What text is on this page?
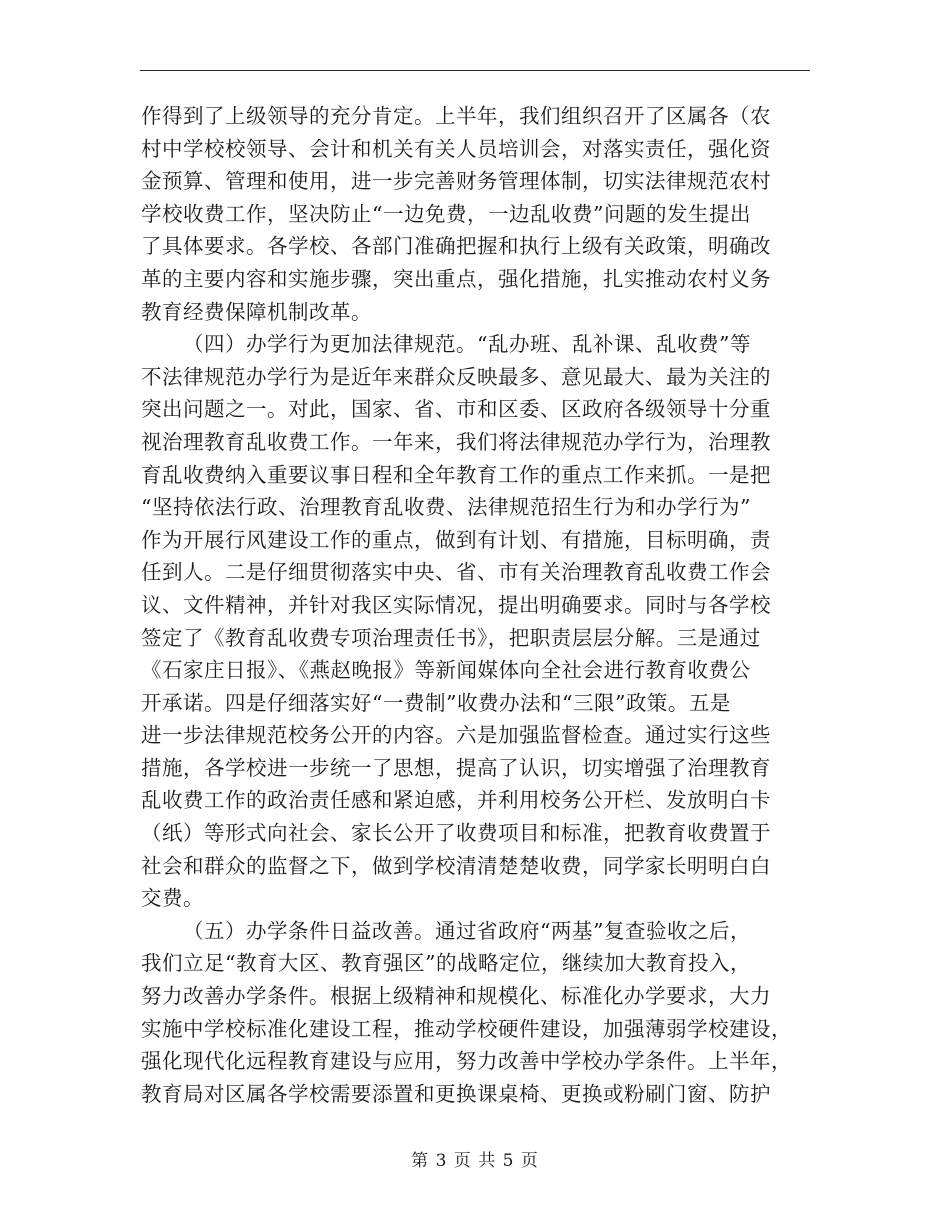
作得到了上级领导的充分肯定。上半年，我们组织召开了区属各（农
村中学校校领导、会计和机关有关人员培训会，对落实责任，强化资
金预算、管理和使用，进一步完善财务管理体制，切实法律规范农村
学校收费工作，坚决防止“一边免费，一边乱收费”问题的发生提出
了具体要求。各学校、各部门准确把握和执行上级有关政策，明确改
革的主要内容和实施步骤，突出重点，强化措施，扎实推动农村义务
教育经费保障机制改革。
（四）办学行为更加法律规范。“乱办班、乱补课、乱收费”等
不法律规范办学行为是近年来群众反映最多、意见最大、最为关注的
突出问题之一。对此，国家、省、市和区委、区政府各级领导十分重
视治理教育乱收费工作。一年来，我们将法律规范办学行为，治理教
育乱收费纳入重要议事日程和全年教育工作的重点工作来抓。一是把
“坚持依法行政、治理教育乱收费、法律规范招生行为和办学行为”
作为开展行风建设工作的重点，做到有计划、有措施，目标明确，责
任到人。二是仔细贯彻落实中央、省、市有关治理教育乱收费工作会
议、文件精神，并针对我区实际情况，提出明确要求。同时与各学校
签定了《教育乱收费专项治理责任书》，把职责层层分解。三是通过
《石家庄日报》、《燕赵晚报》等新闻媒体向全社会进行教育收费公
开承诺。四是仔细落实好“一费制”收费办法和“三限”政策。五是
进一步法律规范校务公开的内容。六是加强监督检查。通过实行这些
措施，各学校进一步统一了思想，提高了认识，切实增强了治理教育
乱收费工作的政治责任感和紧迫感，并利用校务公开栏、发放明白卡
（纸）等形式向社会、家长公开了收费项目和标准，把教育收费置于
社会和群众的监督之下，做到学校清清楚楚收费，同学家长明明白白
交费。
（五）办学条件日益改善。通过省政府“两基”复查验收之后，
我们立足“教育大区、教育强区”的战略定位，继续加大教育投入，
努力改善办学条件。根据上级精神和规模化、标准化办学要求，大力
实施中学校标准化建设工程，推动学校硬件建设，加强薄弱学校建设，
强化现代化远程教育建设与应用，努力改善中学校办学条件。上半年，
教育局对区属各学校需要添置和更换课桌椅、更换或粉刷门窗、防护
第 3 页 共 5 页
